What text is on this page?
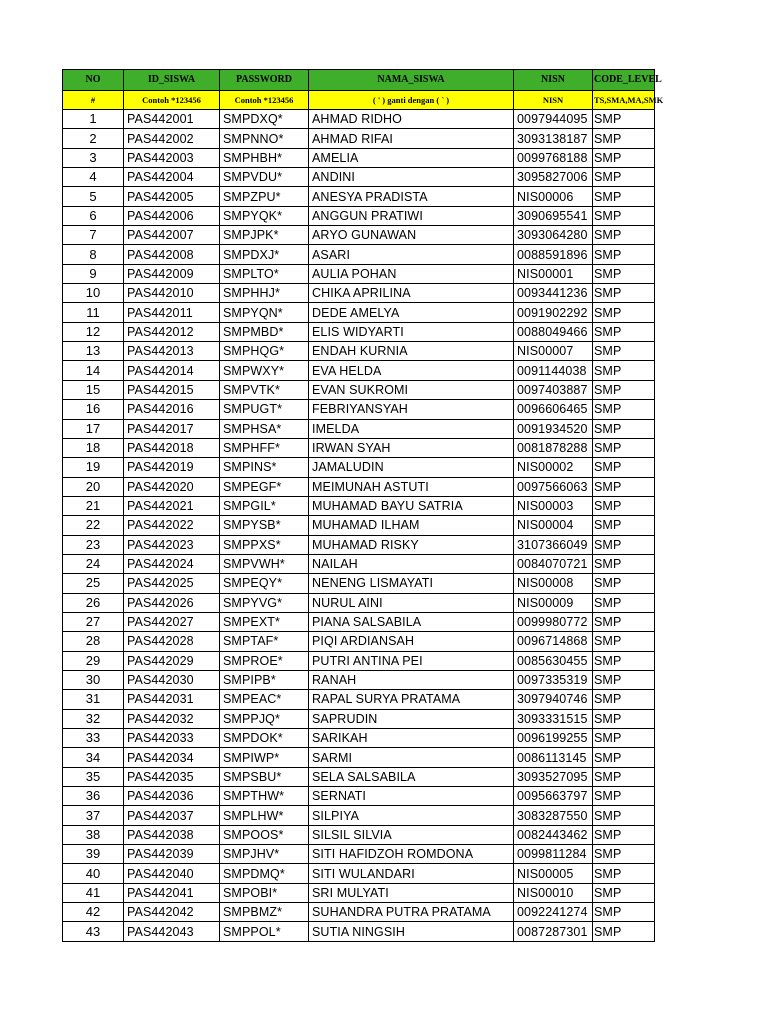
NO	ID_SISWA	PASSWORD	NAMA_SISWA	NISN	CODE_LEVEL
#	Contoh *123456	Contoh *123456	( ' ) ganti dengan ( ` )	NISN	TS,SMA,MA,SMK
1	PAS442001	SMPDXQ*	AHMAD RIDHO	0097944095	SMP
2	PAS442002	SMPNNO*	AHMAD RIFAI	3093138187	SMP
3	PAS442003	SMPHBH*	AMELIA	0099768188	SMP
4	PAS442004	SMPVDU*	ANDINI	3095827006	SMP
5	PAS442005	SMPZPU*	ANESYA PRADISTA	NIS00006	SMP
6	PAS442006	SMPYQK*	ANGGUN PRATIWI	3090695541	SMP
7	PAS442007	SMPJPK*	ARYO GUNAWAN	3093064280	SMP
8	PAS442008	SMPDXJ*	ASARI	0088591896	SMP
9	PAS442009	SMPLTO*	AULIA POHAN	NIS00001	SMP
10	PAS442010	SMPHHJ*	CHIKA APRILINA	0093441236	SMP
11	PAS442011	SMPYQN*	DEDE AMELYA	0091902292	SMP
12	PAS442012	SMPMBD*	ELIS WIDYARTI	0088049466	SMP
13	PAS442013	SMPHQG*	ENDAH KURNIA	NIS00007	SMP
14	PAS442014	SMPWXY*	EVA HELDA	0091144038	SMP
15	PAS442015	SMPVTK*	EVAN SUKROMI	0097403887	SMP
16	PAS442016	SMPUGT*	FEBRIYANSYAH	0096606465	SMP
17	PAS442017	SMPHSA*	IMELDA	0091934520	SMP
18	PAS442018	SMPHFF*	IRWAN SYAH	0081878288	SMP
19	PAS442019	SMPINS*	JAMALUDIN	NIS00002	SMP
20	PAS442020	SMPEGF*	MEIMUNAH ASTUTI	0097566063	SMP
21	PAS442021	SMPGIL*	MUHAMAD BAYU SATRIA	NIS00003	SMP
22	PAS442022	SMPYSB*	MUHAMAD ILHAM	NIS00004	SMP
23	PAS442023	SMPPXS*	MUHAMAD RISKY	3107366049	SMP
24	PAS442024	SMPVWH*	NAILAH	0084070721	SMP
25	PAS442025	SMPEQY*	NENENG LISMAYATI	NIS00008	SMP
26	PAS442026	SMPYVG*	NURUL AINI	NIS00009	SMP
27	PAS442027	SMPEXT*	PIANA SALSABILA	0099980772	SMP
28	PAS442028	SMPTAF*	PIQI ARDIANSAH	0096714868	SMP
29	PAS442029	SMPROE*	PUTRI ANTINA PEI	0085630455	SMP
30	PAS442030	SMPIPB*	RANAH	0097335319	SMP
31	PAS442031	SMPEAC*	RAPAL SURYA PRATAMA	3097940746	SMP
32	PAS442032	SMPPJQ*	SAPRUDIN	3093331515	SMP
33	PAS442033	SMPDOK*	SARIKAH	0096199255	SMP
34	PAS442034	SMPIWP*	SARMI	0086113145	SMP
35	PAS442035	SMPSBU*	SELA SALSABILA	3093527095	SMP
36	PAS442036	SMPTHW*	SERNATI	0095663797	SMP
37	PAS442037	SMPLHW*	SILPIYA	3083287550	SMP
38	PAS442038	SMPOOS*	SILSIL SILVIA	0082443462	SMP
39	PAS442039	SMPJHV*	SITI HAFIDZOH ROMDONA	0099811284	SMP
40	PAS442040	SMPDMQ*	SITI WULANDARI	NIS00005	SMP
41	PAS442041	SMPOBI*	SRI MULYATI	NIS00010	SMP
42	PAS442042	SMPBMZ*	SUHANDRA PUTRA PRATAMA	0092241274	SMP
43	PAS442043	SMPPOL*	SUTIA NINGSIH	0087287301	SMP
